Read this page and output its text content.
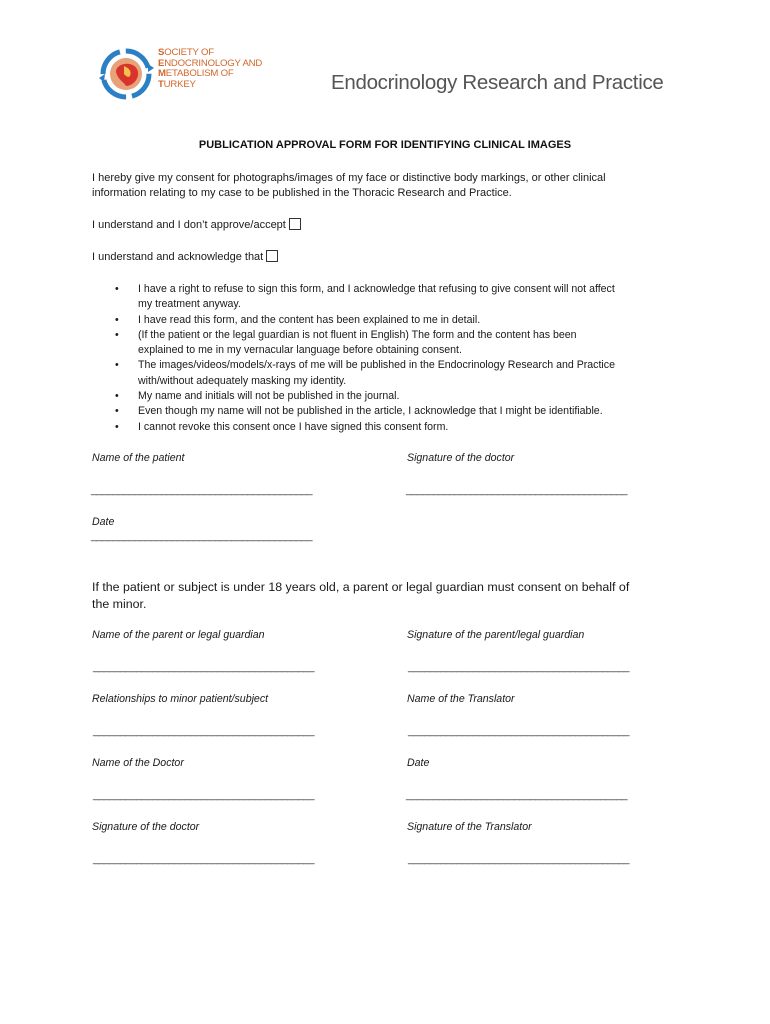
SOCIETY OF
ENDOCRINOLOGY AND
METABOLISM OF
TURKEY	Endocrinology Research and Practice
PUBLICATION APPROVAL FORM FOR IDENTIFYING CLINICAL IMAGES
I hereby give my consent for photographs/images of my face or distinctive body markings, or other clinical
information relating to my case to be published in the Thoracic Research and Practice.
I understand and I don’t approve/accept
I understand and acknowledge that
• I have a right to refuse to sign this form, and I acknowledge that refusing to give consent will not affect
my treatment anyway.
• I have read this form, and the content has been explained to me in detail.
• (If the patient or the legal guardian is not fluent in English) The form and the content has been
explained to me in my vernacular language before obtaining consent.
• The images/videos/models/x-rays of me will be published in the Endocrinology Research and Practice
with/without adequately masking my identity.
• My name and initials will not be published in the journal.
• Even though my name will not be published in the article, I acknowledge that I might be identifiable.
• I cannot revoke this consent once I have signed this consent form.
Name of the patient	Signature of the doctor
_________________________________________	_________________________________________
Date
_________________________________________
If the patient or subject is under 18 years old, a parent or legal guardian must consent on behalf of
the minor.
Name of the parent or legal guardian	Signature of the parent/legal guardian
_________________________________________	_________________________________________
Relationships to minor patient/subject	Name of the Translator
_________________________________________	_________________________________________
Name of the Doctor	Date
_________________________________________	_________________________________________
Signature of the doctor	Signature of the Translator
_________________________________________	_________________________________________
